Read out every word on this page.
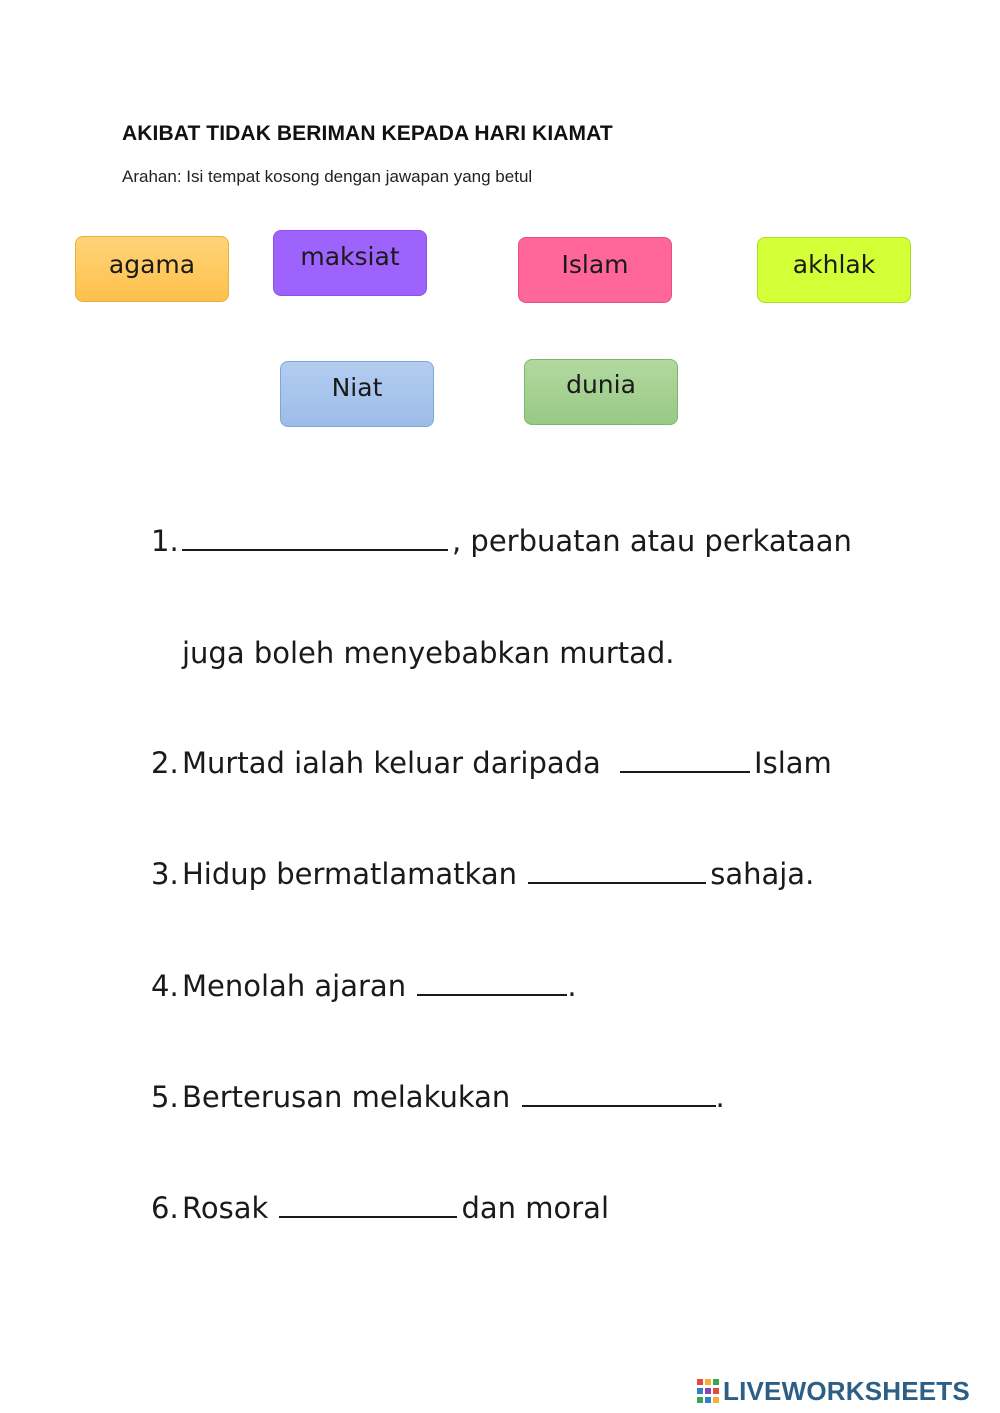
AKIBAT TIDAK BERIMAN KEPADA HARI KIAMAT
Arahan: Isi tempat kosong dengan jawapan yang betul
agama	maksiat	Islam	akhlak
Niat	dunia
1.	, perbuatan atau perkataan
juga boleh menyebabkan murtad.
2. Murtad ialah keluar daripada	Islam
3. Hidup bermatlamatkan	sahaja.
4. Menolah ajaran	.
5. Berterusan melakukan	.
6. Rosak	dan moral
LIVEWORKSHEETS
